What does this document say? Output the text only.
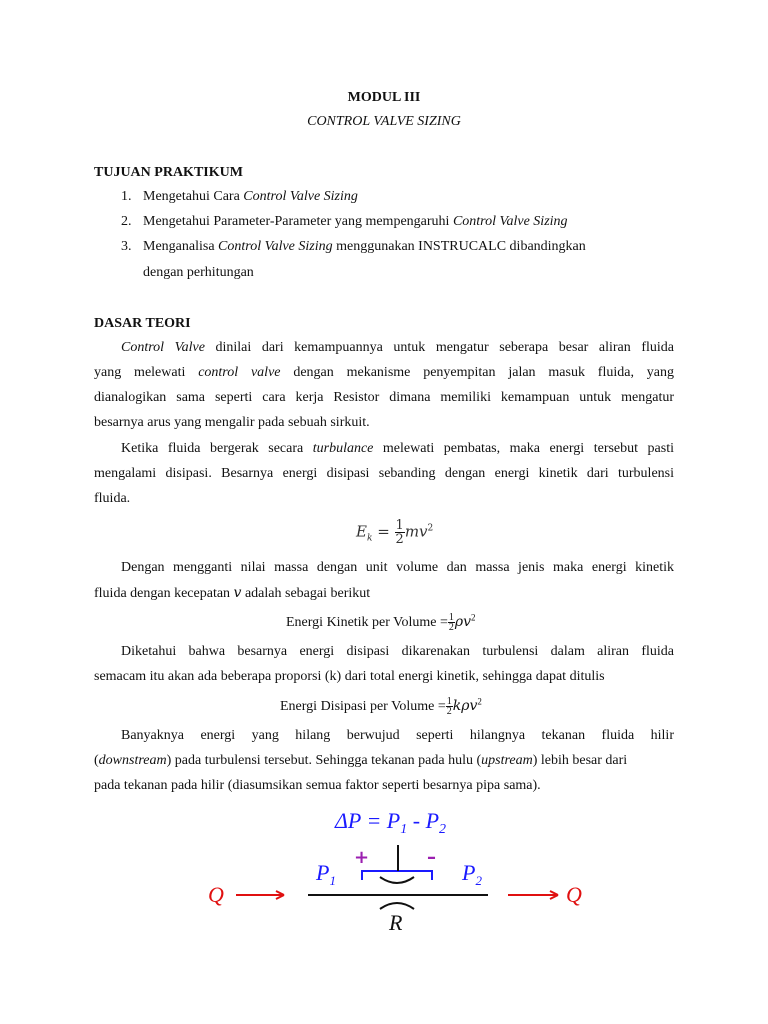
MODUL III
CONTROL VALVE SIZING
TUJUAN PRAKTIKUM
1. Mengetahui Cara Control Valve Sizing
2. Mengetahui Parameter-Parameter yang mempengaruhi Control Valve Sizing
3. Menganalisa Control Valve Sizing menggunakan INSTRUCALC dibandingkan
dengan perhitungan
DASAR TEORI
Control Valve dinilai dari kemampuannya untuk mengatur seberapa besar aliran fluida
yang melewati control valve dengan mekanisme penyempitan jalan masuk fluida, yang
dianalogikan sama seperti cara kerja Resistor dimana memiliki kemampuan untuk mengatur
besarnya arus yang mengalir pada sebuah sirkuit.
Ketika fluida bergerak secara turbulance melewati pembatas, maka energi tersebut pasti
mengalami disipasi. Besarnya energi disipasi sebanding dengan energi kinetik dari turbulensi
fluida.
$E_k = \frac{1}{2} mv^2$
Dengan mengganti nilai massa dengan unit volume dan massa jenis maka energi kinetik
fluida dengan kecepatan v adalah sebagai berikut
Energi Kinetik per Volume = $\frac{1}{2} \rho v^2$
Diketahui bahwa besarnya energi disipasi dikarenakan turbulensi dalam aliran fluida
semacam itu akan ada beberapa proporsi (k) dari total energi kinetik, sehingga dapat ditulis
Energi Disipasi per Volume = $\frac{1}{2} k\rho v^2$
Banyaknya energi yang hilang berwujud seperti hilangnya tekanan fluida hilir
(downstream) pada turbulensi tersebut. Sehingga tekanan pada hulu (upstream) lebih besar dari
pada tekanan pada hilir (diasumsikan semua faktor seperti besarnya pipa sama).
$\Delta P = P_1 - P_2$
$P_1$	$P_2$
+	–
R
Q	Q
